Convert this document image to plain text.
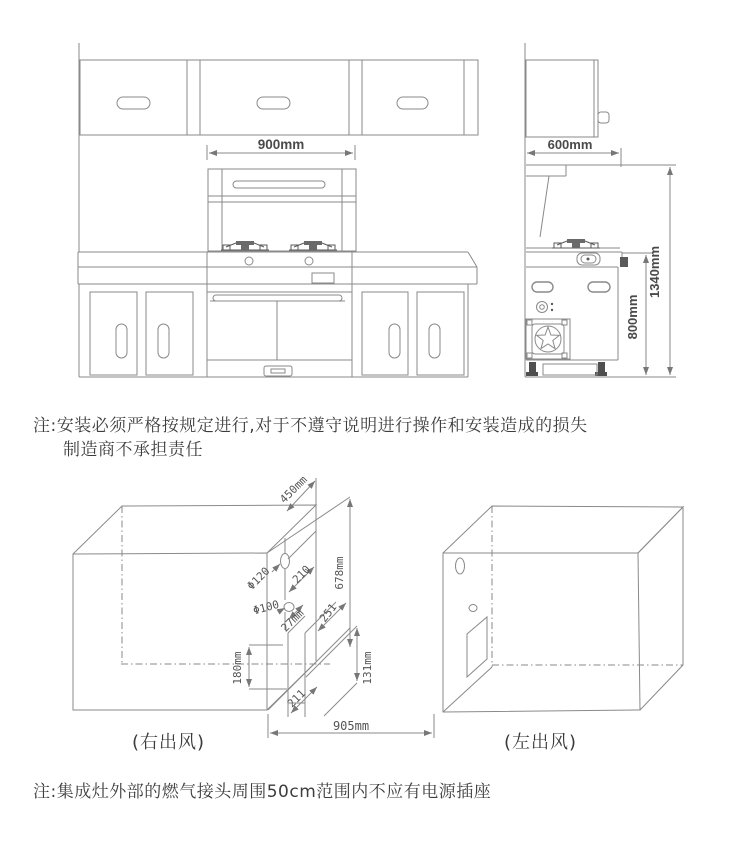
900mm	600mm
800mm
1340mm
450mm
Φ120 210 678mm
Φ100
27mm 251
180mm	131mm
211
905mm
注:安装必须严格按规定进行,对于不遵守说明进行操作和安装造成的损失
制造商不承担责任
(右出风)	(左出风)
注:集成灶外部的燃气接头周围50cm范围内不应有电源插座
